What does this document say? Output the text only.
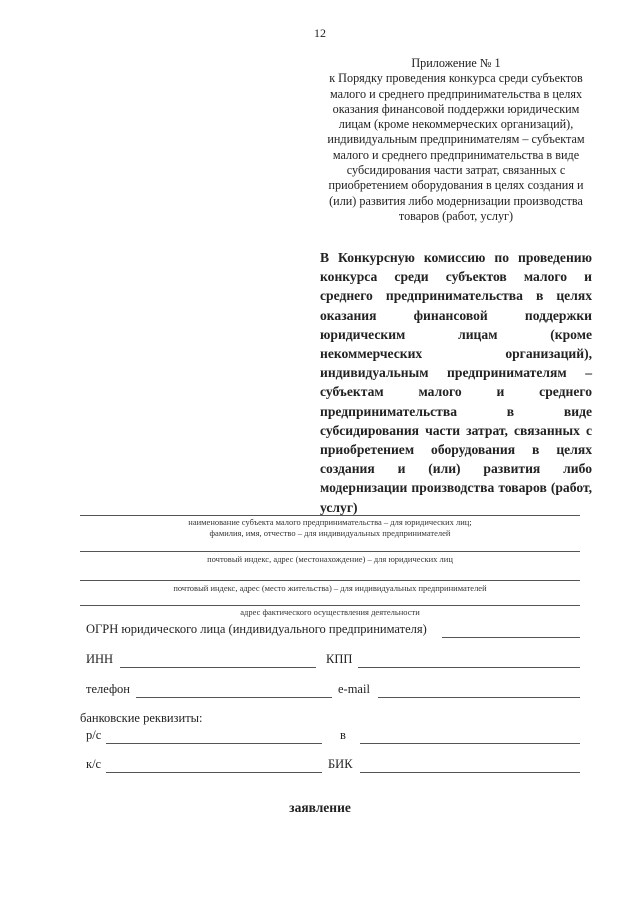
12
Приложение № 1
к Порядку проведения конкурса среди субъектов
малого и среднего предпринимательства в целях
оказания финансовой поддержки юридическим
лицам (кроме некоммерческих организаций),
индивидуальным предпринимателям – субъектам
малого и среднего предпринимательства в виде
субсидирования части затрат, связанных с
приобретением оборудования в целях создания и
(или) развития либо модернизации производства
товаров (работ, услуг)
В Конкурсную комиссию по проведению конкурса среди субъектов малого и среднего предпринимательства в целях оказания финансовой поддержки юридическим лицам (кроме некоммерческих организаций), индивидуальным предпринимателям – субъектам малого и среднего предпринимательства в виде субсидирования части затрат, связанных с приобретением оборудования в целях создания и (или) развития либо модернизации производства товаров (работ, услуг)
наименование субъекта малого предпринимательства – для юридических лиц;
фамилия, имя, отчество – для индивидуальных предпринимателей
почтовый индекс, адрес (местонахождение) – для юридических лиц
почтовый индекс, адрес (место жительства) – для индивидуальных предпринимателей
адрес фактического осуществления деятельности
ОГРН юридического лица (индивидуального предпринимателя)
ИНН	КПП
телефон	e-mail
банковские реквизиты:
р/с	в
к/с	БИК
заявление
